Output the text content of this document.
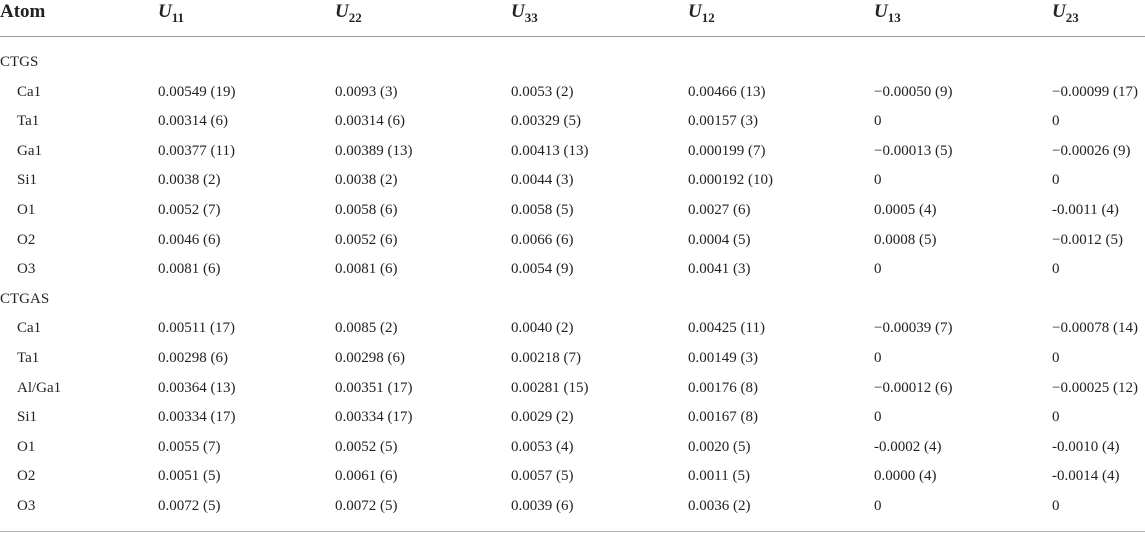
Atom	$U_{11}$	$U_{22}$	$U_{33}$	$U_{12}$	$U_{13}$	$U_{23}$
CTGS
Ca1	0.00549 (19)	0.0093 (3)	0.0053 (2)	0.00466 (13)	−0.00050 (9)	−0.00099 (17)
Ta1	0.00314 (6)	0.00314 (6)	0.00329 (5)	0.00157 (3)	0	0
Ga1	0.00377 (11)	0.00389 (13)	0.00413 (13)	0.000199 (7)	−0.00013 (5)	−0.00026 (9)
Si1	0.0038 (2)	0.0038 (2)	0.0044 (3)	0.000192 (10)	0	0
O1	0.0052 (7)	0.0058 (6)	0.0058 (5)	0.0027 (6)	0.0005 (4)	-0.0011 (4)
O2	0.0046 (6)	0.0052 (6)	0.0066 (6)	0.0004 (5)	0.0008 (5)	−0.0012 (5)
O3	0.0081 (6)	0.0081 (6)	0.0054 (9)	0.0041 (3)	0	0
CTGAS
Ca1	0.00511 (17)	0.0085 (2)	0.0040 (2)	0.00425 (11)	−0.00039 (7)	−0.00078 (14)
Ta1	0.00298 (6)	0.00298 (6)	0.00218 (7)	0.00149 (3)	0	0
Al/Ga1	0.00364 (13)	0.00351 (17)	0.00281 (15)	0.00176 (8)	−0.00012 (6)	−0.00025 (12)
Si1	0.00334 (17)	0.00334 (17)	0.0029 (2)	0.00167 (8)	0	0
O1	0.0055 (7)	0.0052 (5)	0.0053 (4)	0.0020 (5)	-0.0002 (4)	-0.0010 (4)
O2	0.0051 (5)	0.0061 (6)	0.0057 (5)	0.0011 (5)	0.0000 (4)	-0.0014 (4)
O3	0.0072 (5)	0.0072 (5)	0.0039 (6)	0.0036 (2)	0	0
